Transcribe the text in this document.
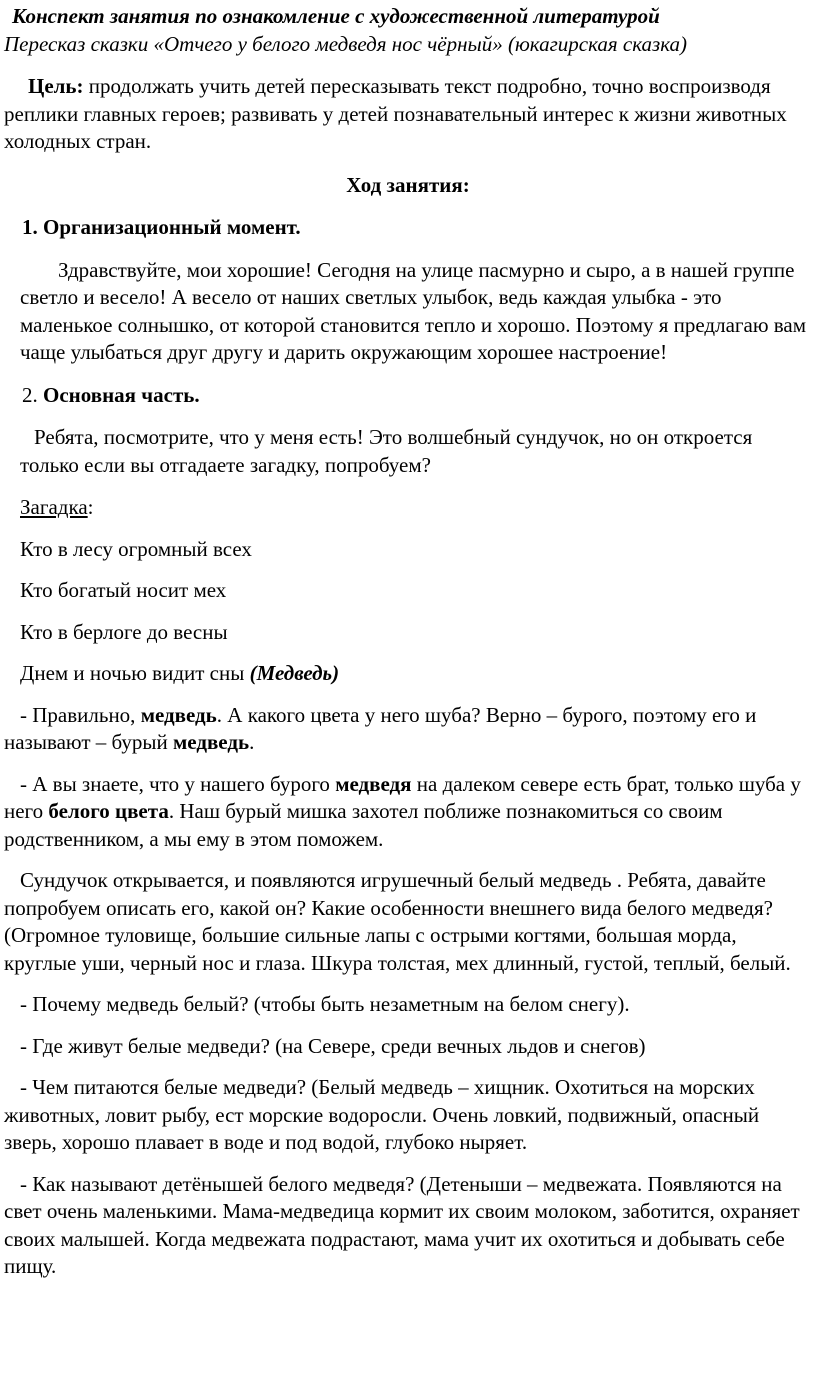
Конспект занятия по ознакомление с художественной литературой
Пересказ сказки «Отчего у белого медведя нос чёрный» (юкагирская сказка)

Цель: продолжать учить детей пересказывать текст подробно, точно воспроизводя реплики главных героев; развивать у детей познавательный интерес к жизни животных холодных стран.

Ход занятия:
1. Организационный момент.

Здравствуйте, мои хорошие! Сегодня на улице пасмурно и сыро, а в нашей группе светло и весело! А весело от наших светлых улыбок, ведь каждая улыбка - это маленькое солнышко, от которой становится тепло и хорошо. Поэтому я предлагаю вам чаще улыбаться друг другу и дарить окружающим хорошее настроение!

2. Основная часть.

Ребята, посмотрите, что у меня есть! Это волшебный сундучок, но он откроется только если вы отгадаете загадку, попробуем?

Загадка:
Кто в лесу огромный всех
Кто богатый носит мех
Кто в берлоге до весны
Днем и ночью видит сны (Медведь)

- Правильно, медведь. А какого цвета у него шуба? Верно – бурого, поэтому его и называют – бурый медведь.

- А вы знаете, что у нашего бурого медведя на далеком севере есть брат, только шуба у него белого цвета. Наш бурый мишка захотел поближе познакомиться со своим родственником, а мы ему в этом поможем.

Сундучок открывается, и появляются игрушечный белый медведь . Ребята, давайте попробуем описать его, какой он? Какие особенности внешнего вида белого медведя? (Огромное туловище, большие сильные лапы с острыми когтями, большая морда, круглые уши, черный нос и глаза. Шкура толстая, мех длинный, густой, теплый, белый.

- Почему медведь белый? (чтобы быть незаметным на белом снегу).

- Где живут белые медведи? (на Севере, среди вечных льдов и снегов)

- Чем питаются белые медведи? (Белый медведь – хищник. Охотиться на морских животных, ловит рыбу, ест морские водоросли. Очень ловкий, подвижный, опасный зверь, хорошо плавает в воде и под водой, глубоко ныряет.

- Как называют детёнышей белого медведя? (Детеныши – медвежата. Появляются на свет очень маленькими. Мама-медведица кормит их своим молоком, заботится, охраняет своих малышей. Когда медвежата подрастают, мама учит их охотиться и добывать себе пищу.
